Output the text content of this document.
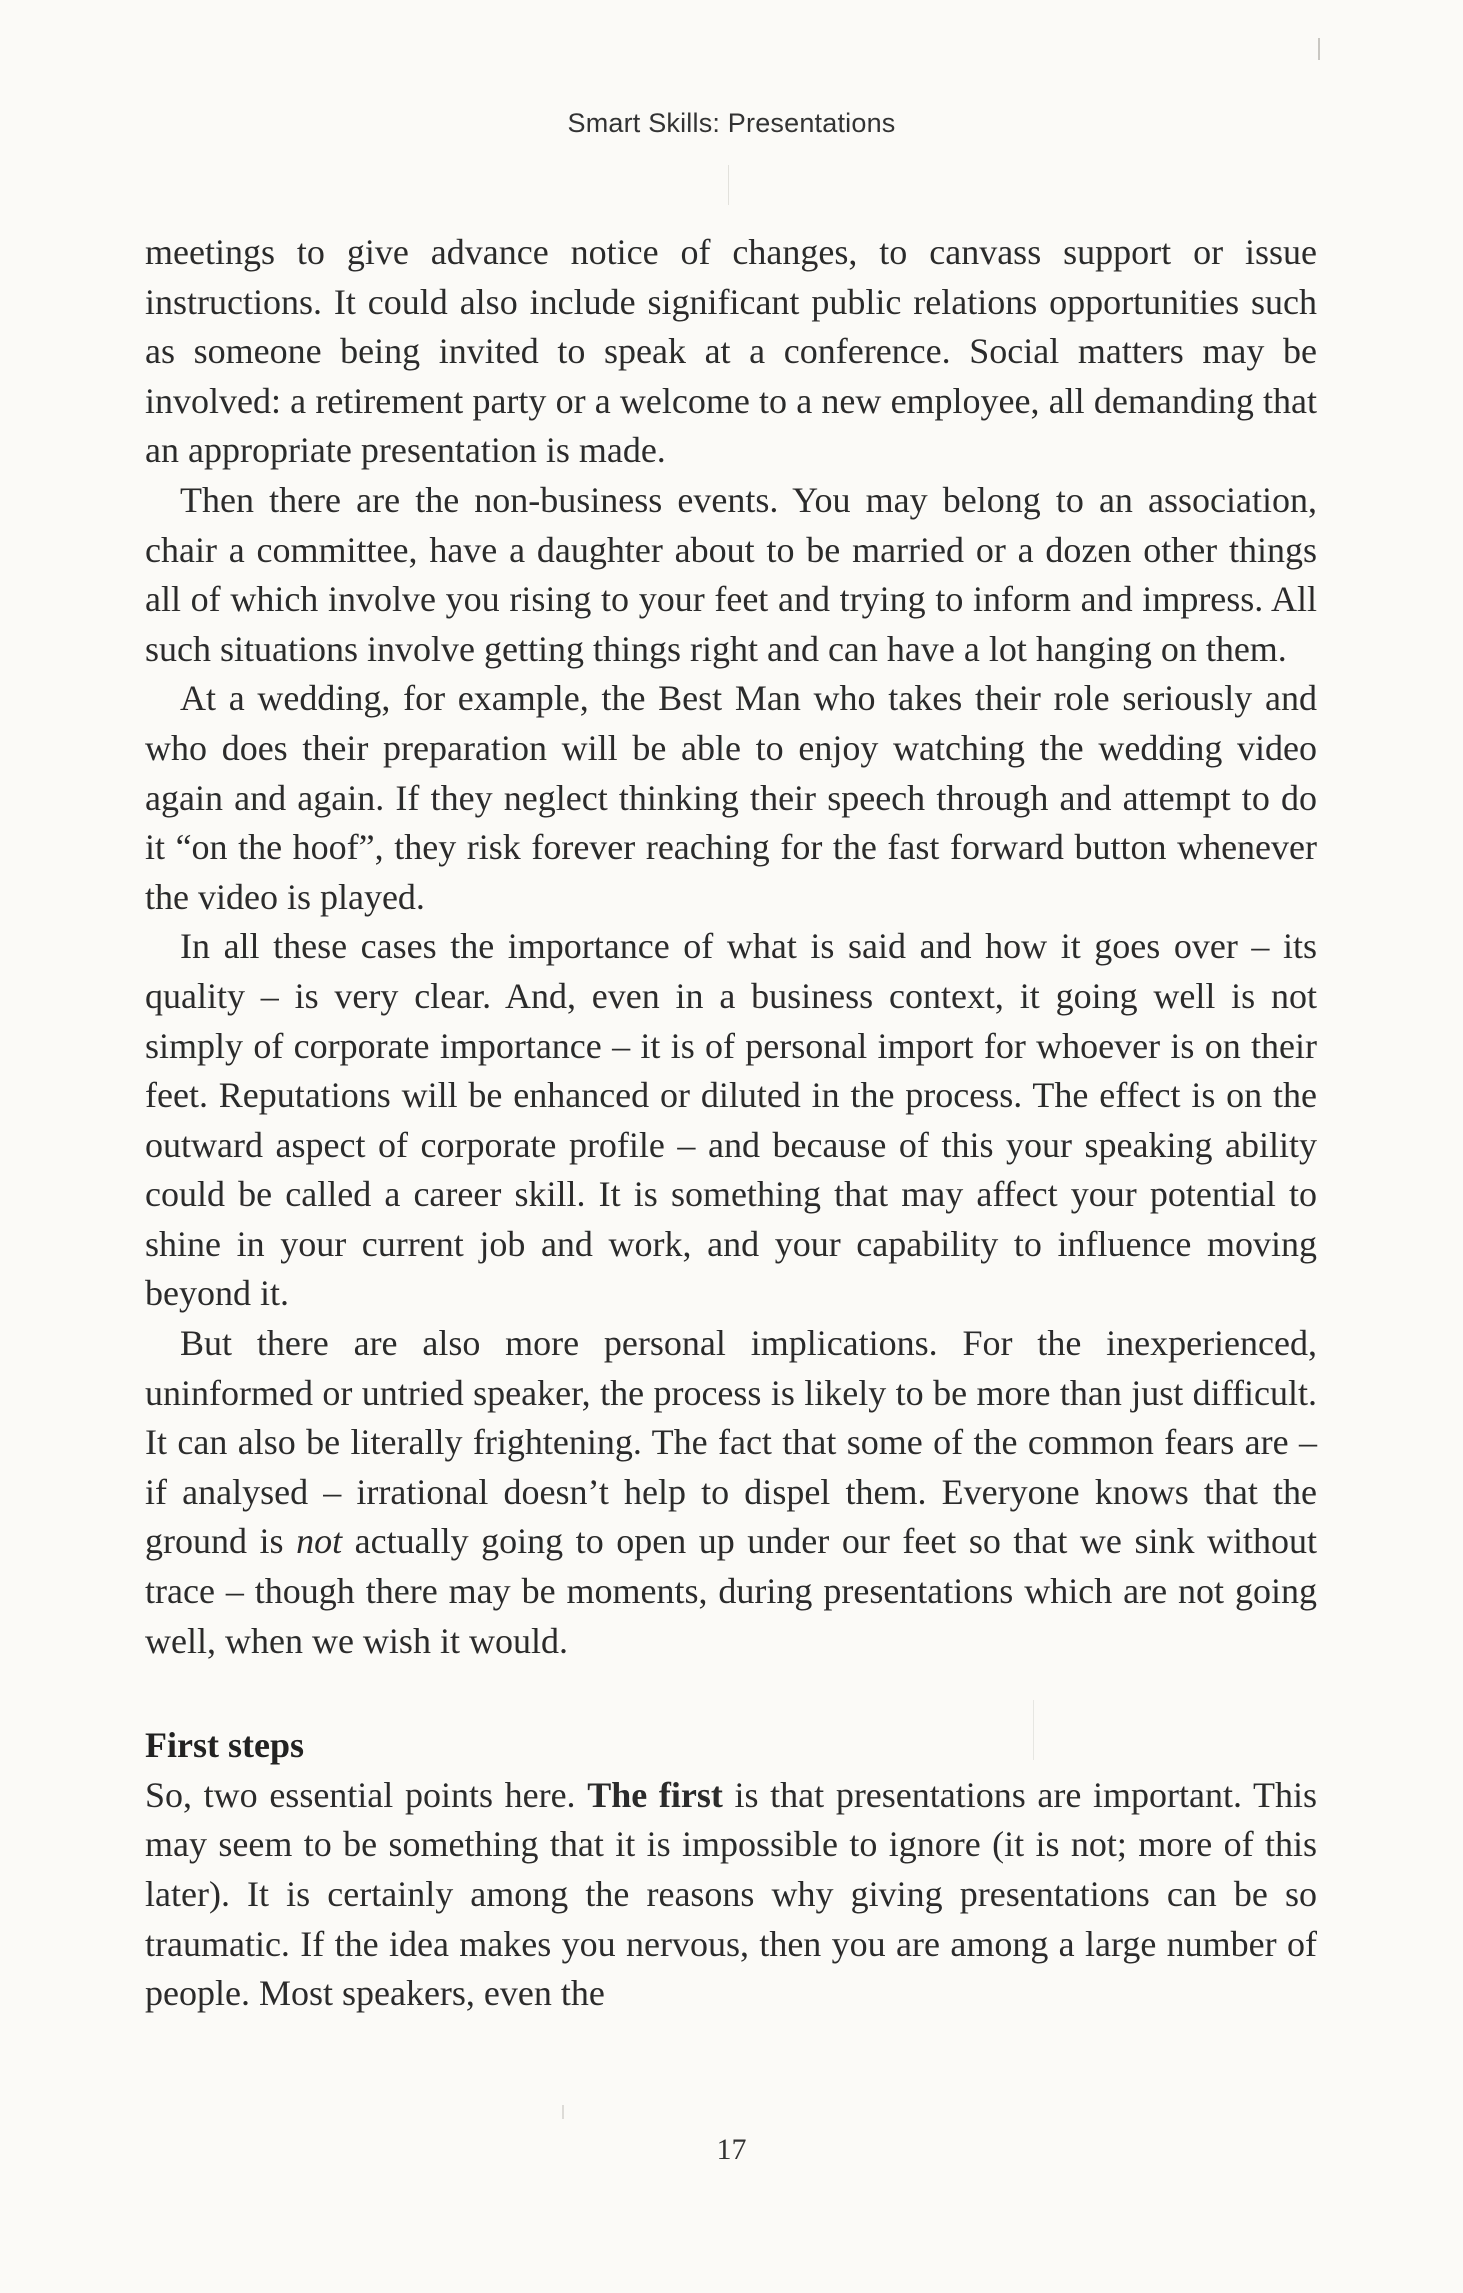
Smart Skills: Presentations

meetings to give advance notice of changes, to canvass support or issue instructions. It could also include significant public relations opportunities such as someone being invited to speak at a conference. Social matters may be involved: a retirement party or a welcome to a new employee, all demanding that an appropriate presentation is made.

Then there are the non-business events. You may belong to an association, chair a committee, have a daughter about to be married or a dozen other things all of which involve you rising to your feet and trying to inform and impress. All such situations involve getting things right and can have a lot hanging on them.

At a wedding, for example, the Best Man who takes their role seriously and who does their preparation will be able to enjoy watching the wedding video again and again. If they neglect thinking their speech through and attempt to do it “on the hoof”, they risk forever reaching for the fast forward button whenever the video is played.

In all these cases the importance of what is said and how it goes over – its quality – is very clear. And, even in a business context, it going well is not simply of corporate importance – it is of personal import for whoever is on their feet. Reputations will be enhanced or diluted in the process. The effect is on the outward aspect of corporate profile – and because of this your speaking ability could be called a career skill. It is something that may affect your potential to shine in your current job and work, and your capability to influence moving beyond it.

But there are also more personal implications. For the inexperienced, uninformed or untried speaker, the process is likely to be more than just difficult. It can also be literally frightening. The fact that some of the common fears are – if analysed – irrational doesn’t help to dispel them. Everyone knows that the ground is not actually going to open up under our feet so that we sink without trace – though there may be moments, during presentations which are not going well, when we wish it would.

First steps

So, two essential points here. The first is that presentations are important. This may seem to be something that it is impossible to ignore (it is not; more of this later). It is certainly among the reasons why giving presentations can be so traumatic. If the idea makes you nervous, then you are among a large number of people. Most speakers, even the

17
